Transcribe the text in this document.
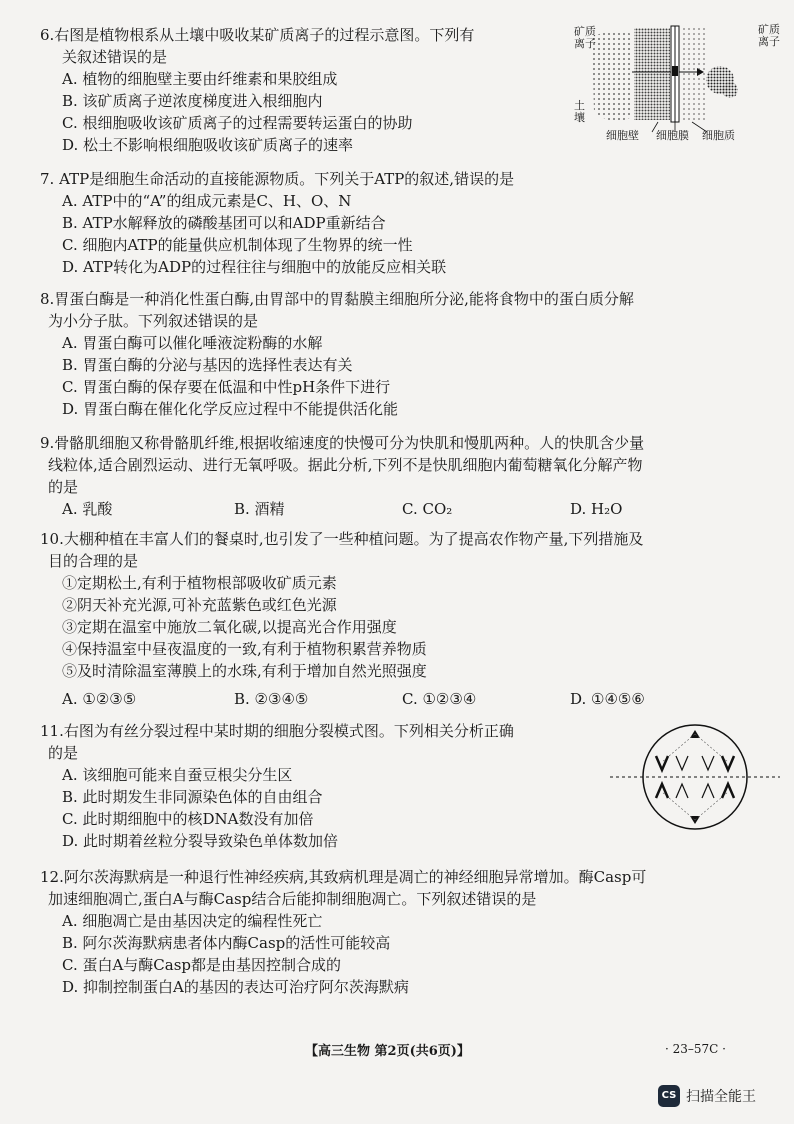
6.右图是植物根系从土壤中吸收某矿质离子的过程示意图。下列有
关叙述错误的是
A. 植物的细胞壁主要由纤维素和果胶组成
B. 该矿质离子逆浓度梯度进入根细胞内
C. 根细胞吸收该矿质离子的过程需要转运蛋白的协助
D. 松土不影响根细胞吸收该矿质离子的速率
矿质离子
矿质离子
土壤
细胞壁 细胞膜 细胞质
7. ATP是细胞生命活动的直接能源物质。下列关于ATP的叙述,错误的是
A. ATP中的“A”的组成元素是C、H、O、N
B. ATP水解释放的磷酸基团可以和ADP重新结合
C. 细胞内ATP的能量供应机制体现了生物界的统一性
D. ATP转化为ADP的过程往往与细胞中的放能反应相关联
8.胃蛋白酶是一种消化性蛋白酶,由胃部中的胃黏膜主细胞所分泌,能将食物中的蛋白质分解
为小分子肽。下列叙述错误的是
A. 胃蛋白酶可以催化唾液淀粉酶的水解
B. 胃蛋白酶的分泌与基因的选择性表达有关
C. 胃蛋白酶的保存要在低温和中性pH条件下进行
D. 胃蛋白酶在催化化学反应过程中不能提供活化能
9.骨骼肌细胞又称骨骼肌纤维,根据收缩速度的快慢可分为快肌和慢肌两种。人的快肌含少量
线粒体,适合剧烈运动、进行无氧呼吸。据此分析,下列不是快肌细胞内葡萄糖氧化分解产物
的是
A. 乳酸	B. 酒精	C. CO₂	D. H₂O
10.大棚种植在丰富人们的餐桌时,也引发了一些种植问题。为了提高农作物产量,下列措施及
目的合理的是
①定期松土,有利于植物根部吸收矿质元素
②阴天补充光源,可补充蓝紫色或红色光源
③定期在温室中施放二氧化碳,以提高光合作用强度
④保持温室中昼夜温度的一致,有利于植物积累营养物质
⑤及时清除温室薄膜上的水珠,有利于增加自然光照强度
A. ①②③⑤	B. ②③④⑤	C. ①②③④	D. ①④⑤⑥
11.右图为有丝分裂过程中某时期的细胞分裂模式图。下列相关分析正确
的是
A. 该细胞可能来自蚕豆根尖分生区
B. 此时期发生非同源染色体的自由组合
C. 此时期细胞中的核DNA数没有加倍
D. 此时期着丝粒分裂导致染色单体数加倍
12.阿尔茨海默病是一种退行性神经疾病,其致病机理是凋亡的神经细胞异常增加。酶Casp可
加速细胞凋亡,蛋白A与酶Casp结合后能抑制细胞凋亡。下列叙述错误的是
A. 细胞凋亡是由基因决定的编程性死亡
B. 阿尔茨海默病患者体内酶Casp的活性可能较高
C. 蛋白A与酶Casp都是由基因控制合成的
D. 抑制控制蛋白A的基因的表达可治疗阿尔茨海默病
【高三生物 第2页(共6页)】	· 23–57C ·
CS 扫描全能王
